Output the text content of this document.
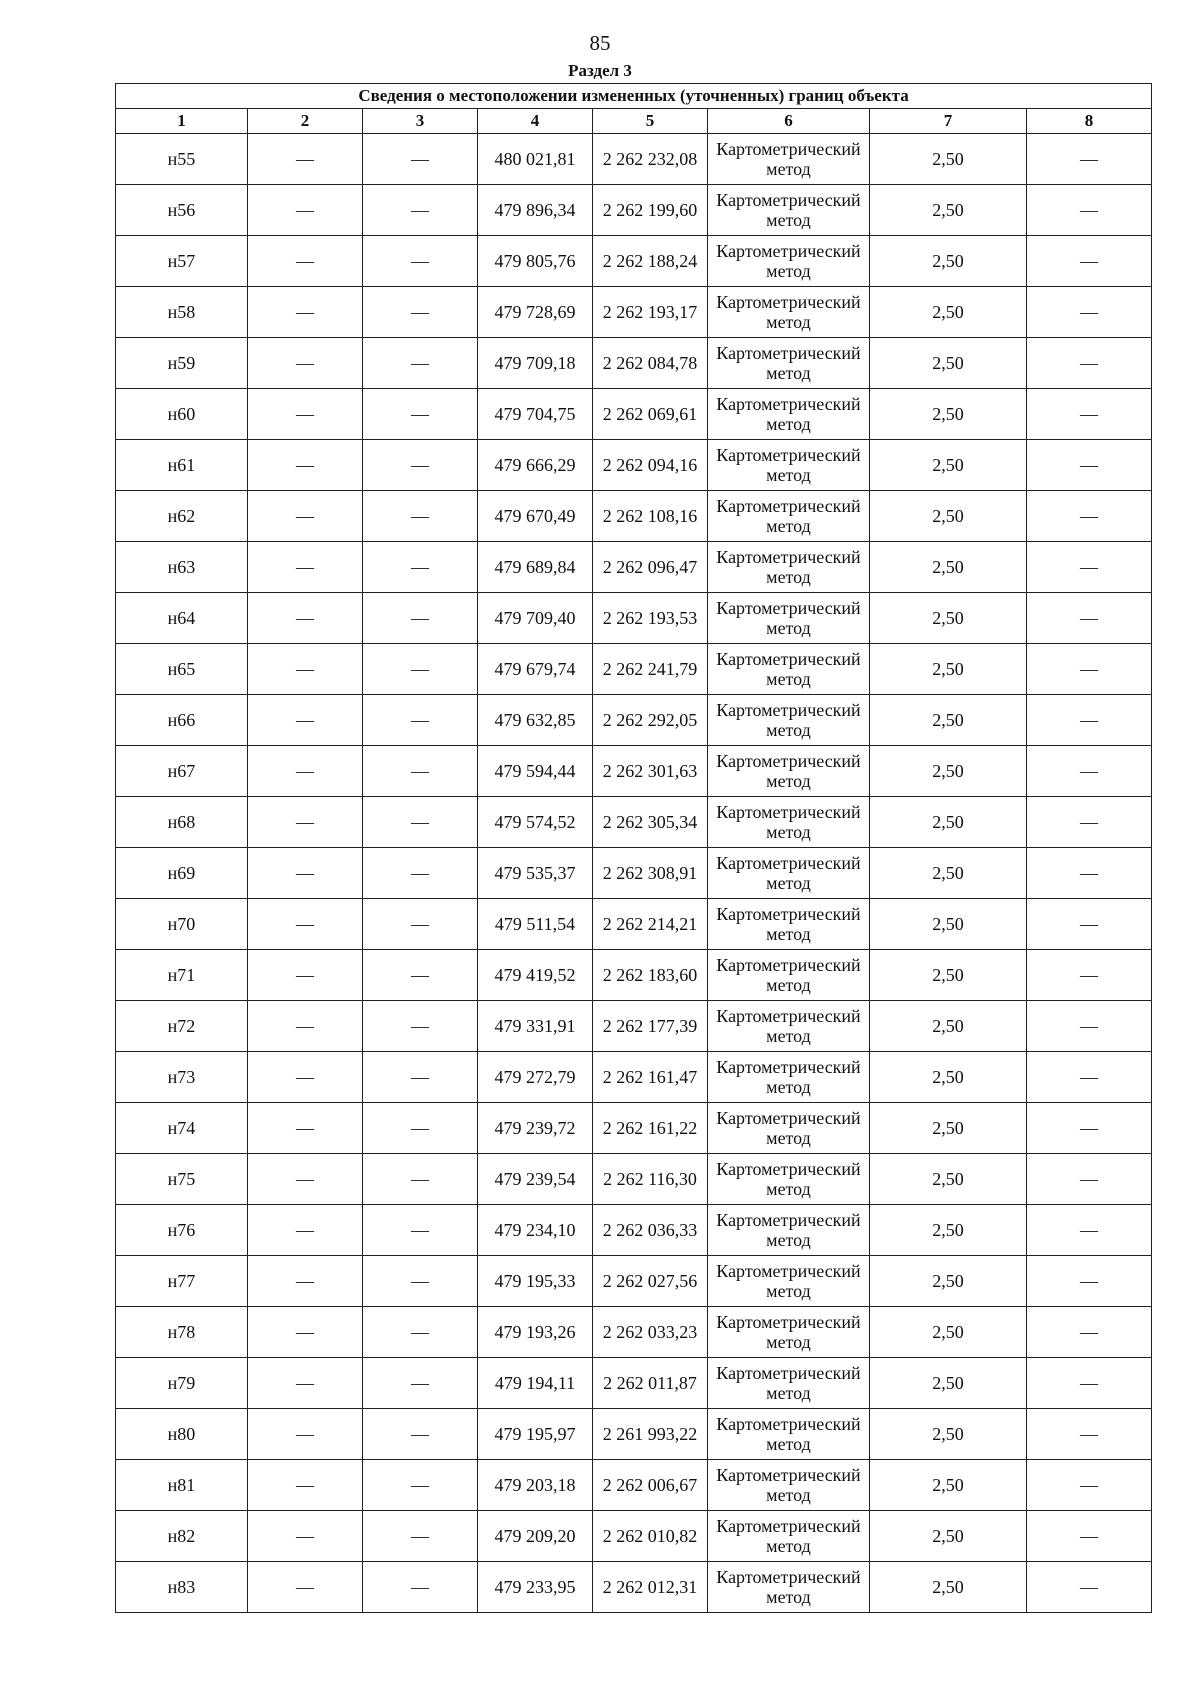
85
Раздел 3
Сведения о местоположении измененных (уточненных) границ объекта							
1	2	3	4	5	6	7	8
н55	—	—	480 021,81	2 262 232,08	Картометрический метод	2,50	—
н56	—	—	479 896,34	2 262 199,60	Картометрический метод	2,50	—
н57	—	—	479 805,76	2 262 188,24	Картометрический метод	2,50	—
н58	—	—	479 728,69	2 262 193,17	Картометрический метод	2,50	—
н59	—	—	479 709,18	2 262 084,78	Картометрический метод	2,50	—
н60	—	—	479 704,75	2 262 069,61	Картометрический метод	2,50	—
н61	—	—	479 666,29	2 262 094,16	Картометрический метод	2,50	—
н62	—	—	479 670,49	2 262 108,16	Картометрический метод	2,50	—
н63	—	—	479 689,84	2 262 096,47	Картометрический метод	2,50	—
н64	—	—	479 709,40	2 262 193,53	Картометрический метод	2,50	—
н65	—	—	479 679,74	2 262 241,79	Картометрический метод	2,50	—
н66	—	—	479 632,85	2 262 292,05	Картометрический метод	2,50	—
н67	—	—	479 594,44	2 262 301,63	Картометрический метод	2,50	—
н68	—	—	479 574,52	2 262 305,34	Картометрический метод	2,50	—
н69	—	—	479 535,37	2 262 308,91	Картометрический метод	2,50	—
н70	—	—	479 511,54	2 262 214,21	Картометрический метод	2,50	—
н71	—	—	479 419,52	2 262 183,60	Картометрический метод	2,50	—
н72	—	—	479 331,91	2 262 177,39	Картометрический метод	2,50	—
н73	—	—	479 272,79	2 262 161,47	Картометрический метод	2,50	—
н74	—	—	479 239,72	2 262 161,22	Картометрический метод	2,50	—
н75	—	—	479 239,54	2 262 116,30	Картометрический метод	2,50	—
н76	—	—	479 234,10	2 262 036,33	Картометрический метод	2,50	—
н77	—	—	479 195,33	2 262 027,56	Картометрический метод	2,50	—
н78	—	—	479 193,26	2 262 033,23	Картометрический метод	2,50	—
н79	—	—	479 194,11	2 262 011,87	Картометрический метод	2,50	—
н80	—	—	479 195,97	2 261 993,22	Картометрический метод	2,50	—
н81	—	—	479 203,18	2 262 006,67	Картометрический метод	2,50	—
н82	—	—	479 209,20	2 262 010,82	Картометрический метод	2,50	—
н83	—	—	479 233,95	2 262 012,31	Картометрический метод	2,50	—
